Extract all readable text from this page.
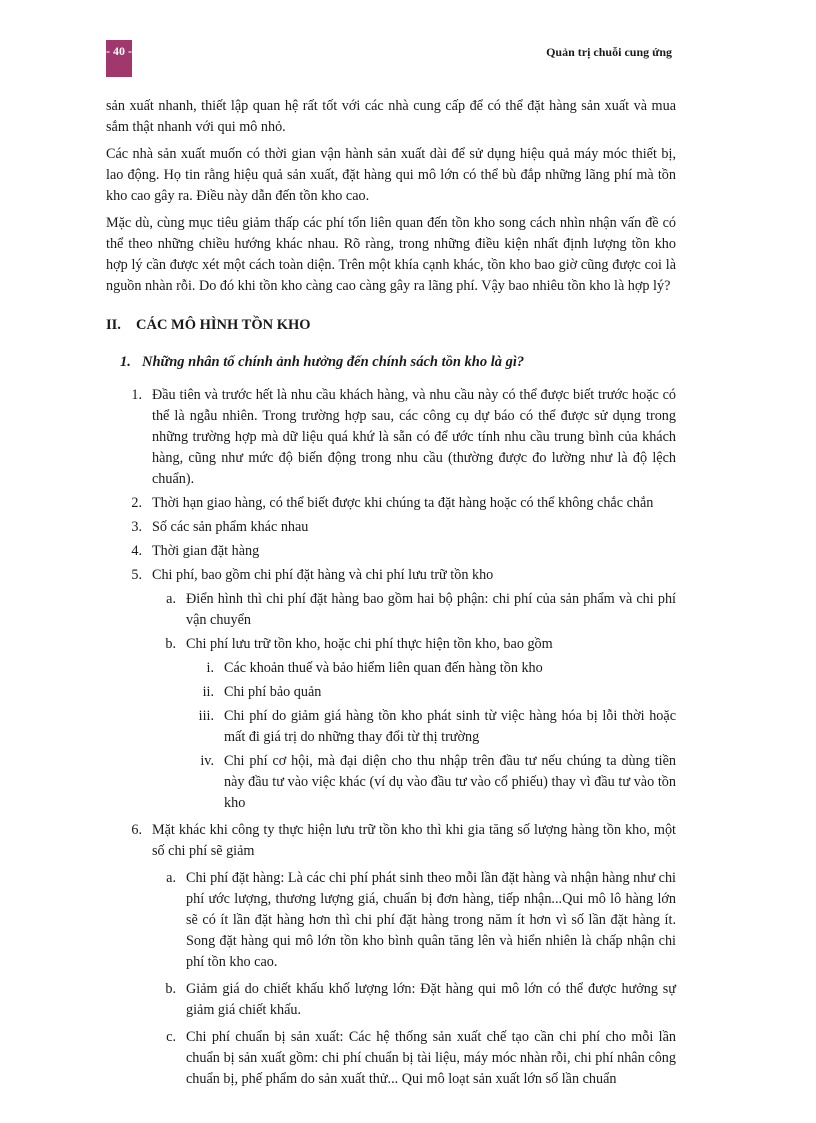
- 40 -	Quản trị chuỗi cung ứng

sản xuất nhanh, thiết lập quan hệ rất tốt với các nhà cung cấp để có thể đặt hàng sản xuất và mua sắm thật nhanh với qui mô nhỏ.

Các nhà sản xuất muốn có thời gian vận hành sản xuất dài để sử dụng hiệu quả máy móc thiết bị, lao động. Họ tin rằng hiệu quả sản xuất, đặt hàng qui mô lớn có thể bù đắp những lãng phí mà tồn kho cao gây ra. Điều này dẫn đến tồn kho cao.

Mặc dù, cùng mục tiêu giảm thấp các phí tổn liên quan đến tồn kho song cách nhìn nhận vấn đề có thể theo những chiều hướng khác nhau. Rõ ràng, trong những điều kiện nhất định lượng tồn kho hợp lý cần được xét một cách toàn diện. Trên một khía cạnh khác, tồn kho bao giờ cũng được coi là nguồn nhàn rỗi. Do đó khi tồn kho càng cao càng gây ra lãng phí. Vậy bao nhiêu tồn kho là hợp lý?

II. CÁC MÔ HÌNH TỒN KHO
1. Những nhân tố chính ảnh hưởng đến chính sách tồn kho là gì?
1. Đầu tiên và trước hết là nhu cầu khách hàng, và nhu cầu này có thể được biết trước hoặc có thể là ngẫu nhiên. Trong trường hợp sau, các công cụ dự báo có thể được sử dụng trong những trường hợp mà dữ liệu quá khứ là sẵn có để ước tính nhu cầu trung bình của khách hàng, cũng như mức độ biến động trong nhu cầu (thường được đo lường như là độ lệch chuẩn).
2. Thời hạn giao hàng, có thể biết được khi chúng ta đặt hàng hoặc có thể không chắc chắn
3. Số các sản phẩm khác nhau
4. Thời gian đặt hàng
5. Chi phí, bao gồm chi phí đặt hàng và chi phí lưu trữ tồn kho
a. Điển hình thì chi phí đặt hàng bao gồm hai bộ phận: chi phí của sản phẩm và chi phí vận chuyển
b. Chi phí lưu trữ tồn kho, hoặc chi phí thực hiện tồn kho, bao gồm
i. Các khoản thuế và bảo hiểm liên quan đến hàng tồn kho
ii. Chi phí bảo quản
iii. Chi phí do giảm giá hàng tồn kho phát sinh từ việc hàng hóa bị lỗi thời hoặc mất đi giá trị do những thay đổi từ thị trường
iv. Chi phí cơ hội, mà đại diện cho thu nhập trên đầu tư nếu chúng ta dùng tiền này đầu tư vào việc khác (ví dụ vào đầu tư vào cổ phiếu) thay vì đầu tư vào tồn kho
6. Mặt khác khi công ty thực hiện lưu trữ tồn kho thì khi gia tăng số lượng hàng tồn kho, một số chi phí sẽ giảm
a. Chi phí đặt hàng: Là các chi phí phát sinh theo mỗi lần đặt hàng và nhận hàng như chi phí ước lượng, thương lượng giá, chuẩn bị đơn hàng, tiếp nhận...Qui mô lô hàng lớn sẽ có ít lần đặt hàng hơn thì chi phí đặt hàng trong năm ít hơn vì số lần đặt hàng ít. Song đặt hàng qui mô lớn tồn kho bình quân tăng lên và hiển nhiên là chấp nhận chi phí tồn kho cao.
b. Giảm giá do chiết khấu khố lượng lớn: Đặt hàng qui mô lớn có thể được hưởng sự giảm giá chiết khấu.
c. Chi phí chuẩn bị sản xuất: Các hệ thống sản xuất chế tạo cần chi phí cho mỗi lần chuẩn bị sản xuất gồm: chi phí chuẩn bị tài liệu, máy móc nhàn rỗi, chi phí nhân công chuẩn bị, phế phẩm do sản xuất thử... Qui mô loạt sản xuất lớn số lần chuẩn
